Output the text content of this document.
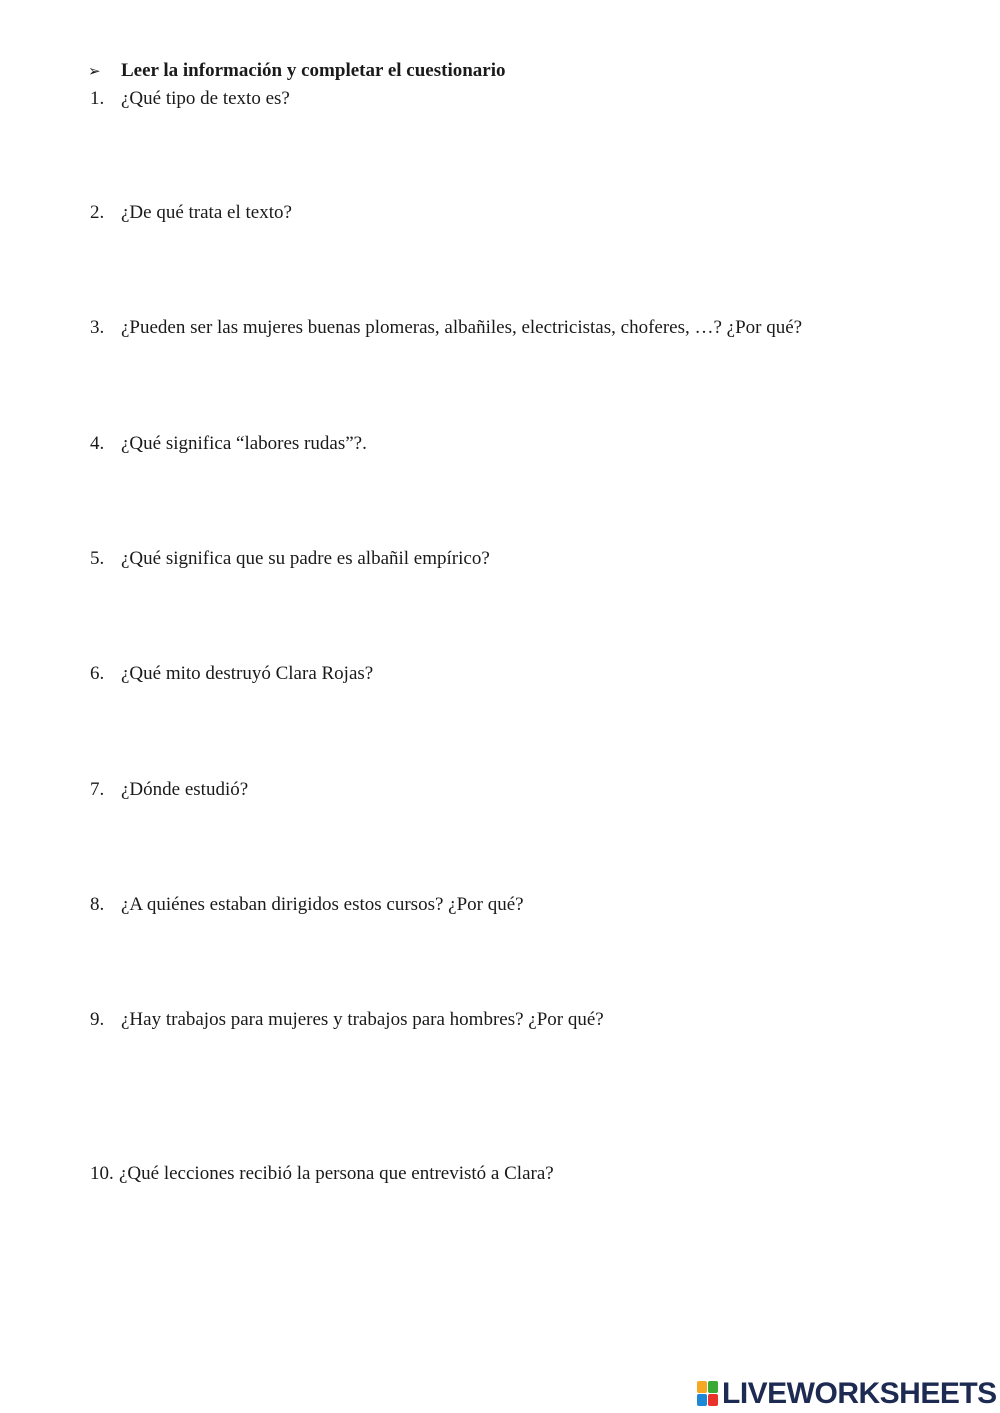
➢ Leer la información y completar el cuestionario
1. ¿Qué tipo de texto es?
2. ¿De qué trata el texto?
3. ¿Pueden ser las mujeres buenas plomeras, albañiles, electricistas, choferes, …? ¿Por qué?
4. ¿Qué significa “labores rudas”?.
5. ¿Qué significa que su padre es albañil empírico?
6. ¿Qué mito destruyó Clara Rojas?
7. ¿Dónde estudió?
8. ¿A quiénes estaban dirigidos estos cursos? ¿Por qué?
9. ¿Hay trabajos para mujeres y trabajos para hombres? ¿Por qué?
10. ¿Qué lecciones recibió la persona que entrevistó a Clara?
LIVEWORKSHEETS
